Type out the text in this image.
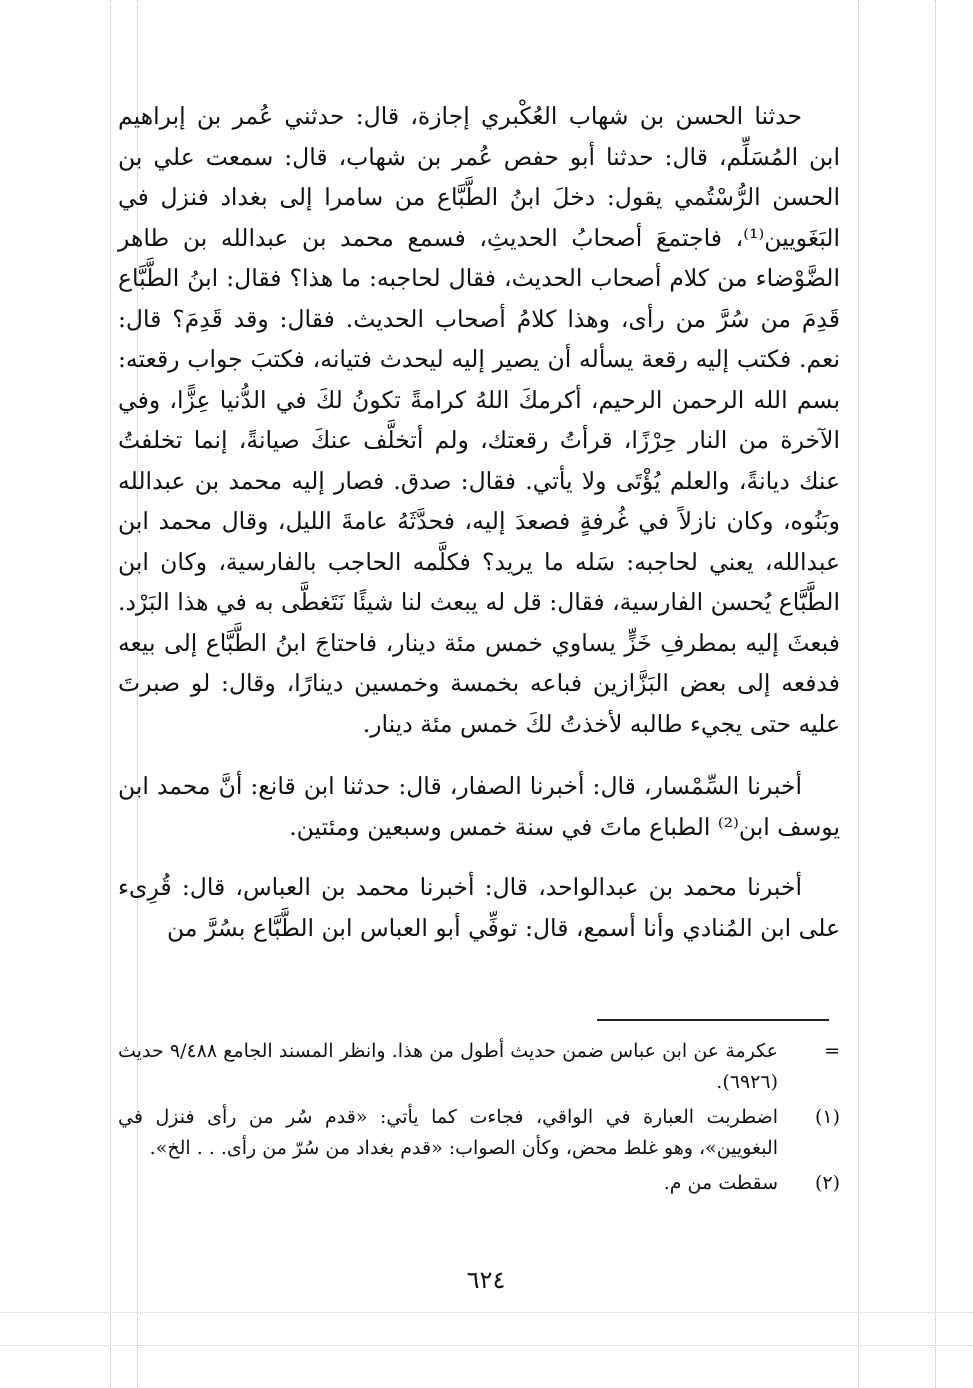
حدثنا الحسن بن شهاب العُكْبري إجازة، قال: حدثني عُمر بن إبراهيم ابن المُسَلِّم، قال: حدثنا أبو حفص عُمر بن شهاب، قال: سمعت علي بن الحسن الرُّسْتُمي يقول: دخلَ ابنُ الطَّبَّاع من سامرا إلى بغداد فنزل في البَغَويين⁽¹⁾، فاجتمعَ أصحابُ الحديثِ، فسمع محمد بن عبدالله بن طاهر الضَّوْضاء من كلام أصحاب الحديث، فقال لحاجبه: ما هذا؟ فقال: ابنُ الطَّبَّاع قَدِمَ من سُرَّ من رأى، وهذا كلامُ أصحاب الحديث. فقال: وقد قَدِمَ؟ قال: نعم. فكتب إليه رقعة يسأله أن يصير إليه ليحدث فتيانه، فكتبَ جواب رقعته: بسم الله الرحمن الرحيم، أكرمكَ اللهُ كرامةً تكونُ لكَ في الدُّنيا عِزًّا، وفي الآخرة من النار حِرْزًا، قرأتُ رقعتك، ولم أتخلَّف عنكَ صيانةً، إنما تخلفتُ عنك ديانةً، والعلم يُؤْتَى ولا يأتي. فقال: صدق. فصار إليه محمد بن عبدالله وبَنُوه، وكان نازلاً في غُرفةٍ فصعدَ إليه، فحدَّثَهُ عامةَ الليل، وقال محمد ابن عبدالله، يعني لحاجبه: سَله ما يريد؟ فكلَّمه الحاجب بالفارسية، وكان ابن الطَّبَّاع يُحسن الفارسية، فقال: قل له يبعث لنا شيئًا نَتَغطَّى به في هذا البَرْد. فبعثَ إليه بمطرفِ خَزٍّ يساوي خمس مئة دينار، فاحتاجَ ابنُ الطَّبَّاع إلى بيعه فدفعه إلى بعض البَزَّازين فباعه بخمسة وخمسين دينارًا، وقال: لو صبرتَ عليه حتى يجيء طالبه لأخذتُ لكَ خمس مئة دينار.

أخبرنا السِّمْسار، قال: أخبرنا الصفار، قال: حدثنا ابن قانع: أنَّ محمد ابن يوسف ابن⁽²⁾ الطباع ماتَ في سنة خمس وسبعين ومئتين.

أخبرنا محمد بن عبدالواحد، قال: أخبرنا محمد بن العباس، قال: قُرِىء على ابن المُنادي وأنا أسمع، قال: توفِّي أبو العباس ابن الطَّبَّاع بسُرَّ من

=
عكرمة عن ابن عباس ضمن حديث أطول من هذا. وانظر المسند الجامع ٩/٤٨٨ حديث (٦٩٢٦).
(١)
اضطربت العبارة في الواقي، فجاءت كما يأتي: «قدم سُر من رأى فنزل في البغويين»، وهو غلط محض، وكأن الصواب: «قدم بغداد من سُرّ من رأى. . . الخ».
(٢)
سقطت من م.
٦٢٤
